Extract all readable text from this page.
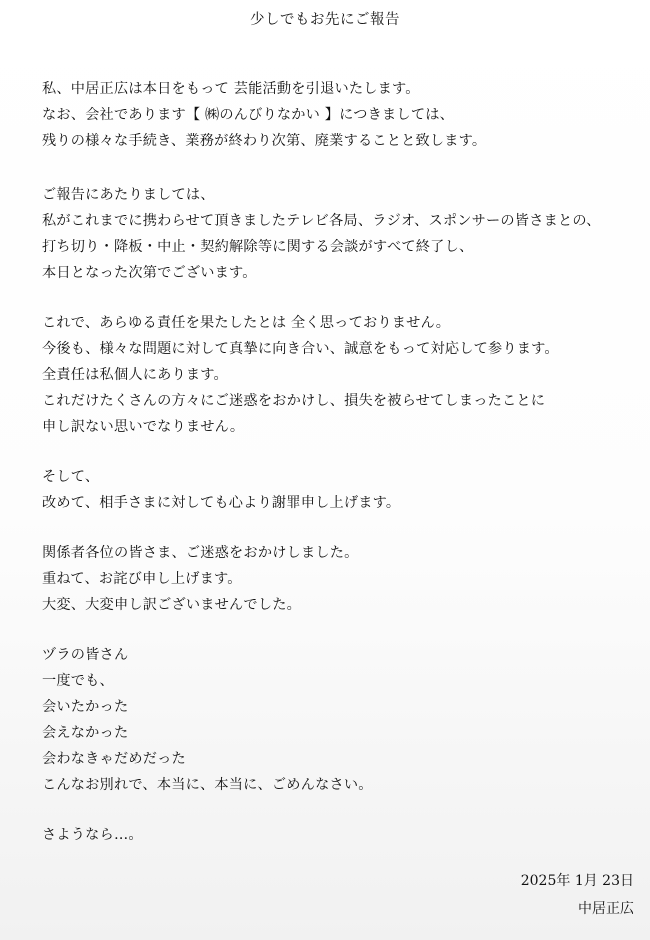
少しでもお先にご報告
私、中居正広は本日をもって 芸能活動を引退いたします。
なお、会社であります【 ㈱のんびりなかい 】につきましては、
残りの様々な手続き、業務が終わり次第、廃業することと致します。
ご報告にあたりましては、
私がこれまでに携わらせて頂きましたテレビ各局、ラジオ、スポンサーの皆さまとの、
打ち切り・降板・中止・契約解除等に関する会談がすべて終了し、
本日となった次第でございます。
これで、あらゆる責任を果たしたとは 全く思っておりません。
今後も、様々な問題に対して真摯に向き合い、誠意をもって対応して参ります。
全責任は私個人にあります。
これだけたくさんの方々にご迷惑をおかけし、損失を被らせてしまったことに
申し訳ない思いでなりません。
そして、
改めて、相手さまに対しても心より謝罪申し上げます。
関係者各位の皆さま、ご迷惑をおかけしました。
重ねて、お詫び申し上げます。
大変、大変申し訳ございませんでした。
ヅラの皆さん
一度でも、
会いたかった
会えなかった
会わなきゃだめだった
こんなお別れで、本当に、本当に、ごめんなさい。
さようなら…。
2025年 1月 23日
中居正広
